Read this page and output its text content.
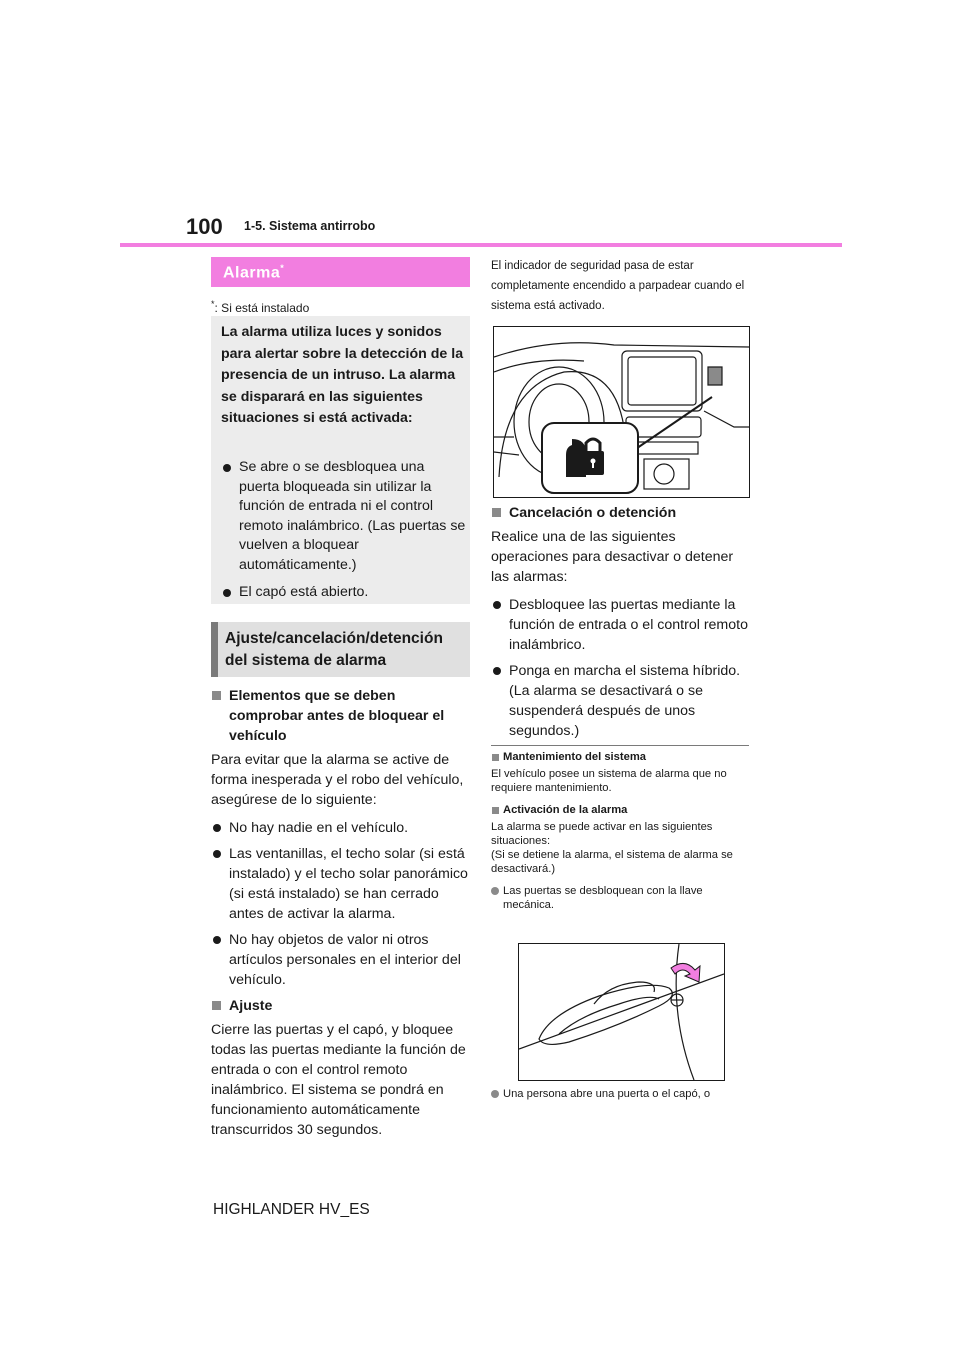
100 1-5. Sistema antirrobo
Alarma*
*: Si está instalado
La alarma utiliza luces y sonidos para alertar sobre la detección de la presencia de un intruso. La alarma se disparará en las siguientes situaciones si está activada:
Se abre o se desbloquea una puerta bloqueada sin utilizar la función de entrada ni el control remoto inalámbrico. (Las puertas se vuelven a bloquear automáticamente.)
El capó está abierto.
Ajuste/cancelación/detención del sistema de alarma
Elementos que se deben comprobar antes de bloquear el vehículo
Para evitar que la alarma se active de forma inesperada y el robo del vehículo, asegúrese de lo siguiente:
No hay nadie en el vehículo.
Las ventanillas, el techo solar (si está instalado) y el techo solar panorámico (si está instalado) se han cerrado antes de activar la alarma.
No hay objetos de valor ni otros artículos personales en el interior del vehículo.
Ajuste
Cierre las puertas y el capó, y bloquee todas las puertas mediante la función de entrada o con el control remoto inalámbrico. El sistema se pondrá en funcionamiento automáticamente transcurridos 30 segundos.
El indicador de seguridad pasa de estar completamente encendido a parpadear cuando el sistema está activado.
Cancelación o detención
Realice una de las siguientes operaciones para desactivar o detener las alarmas:
Desbloquee las puertas mediante la función de entrada o el control remoto inalámbrico.
Ponga en marcha el sistema híbrido. (La alarma se desactivará o se suspenderá después de unos segundos.)
Mantenimiento del sistema
El vehículo posee un sistema de alarma que no requiere mantenimiento.
Activación de la alarma
La alarma se puede activar en las siguientes situaciones:
(Si se detiene la alarma, el sistema de alarma se desactivará.)
Las puertas se desbloquean con la llave mecánica.
Una persona abre una puerta o el capó, o
HIGHLANDER HV_ES
